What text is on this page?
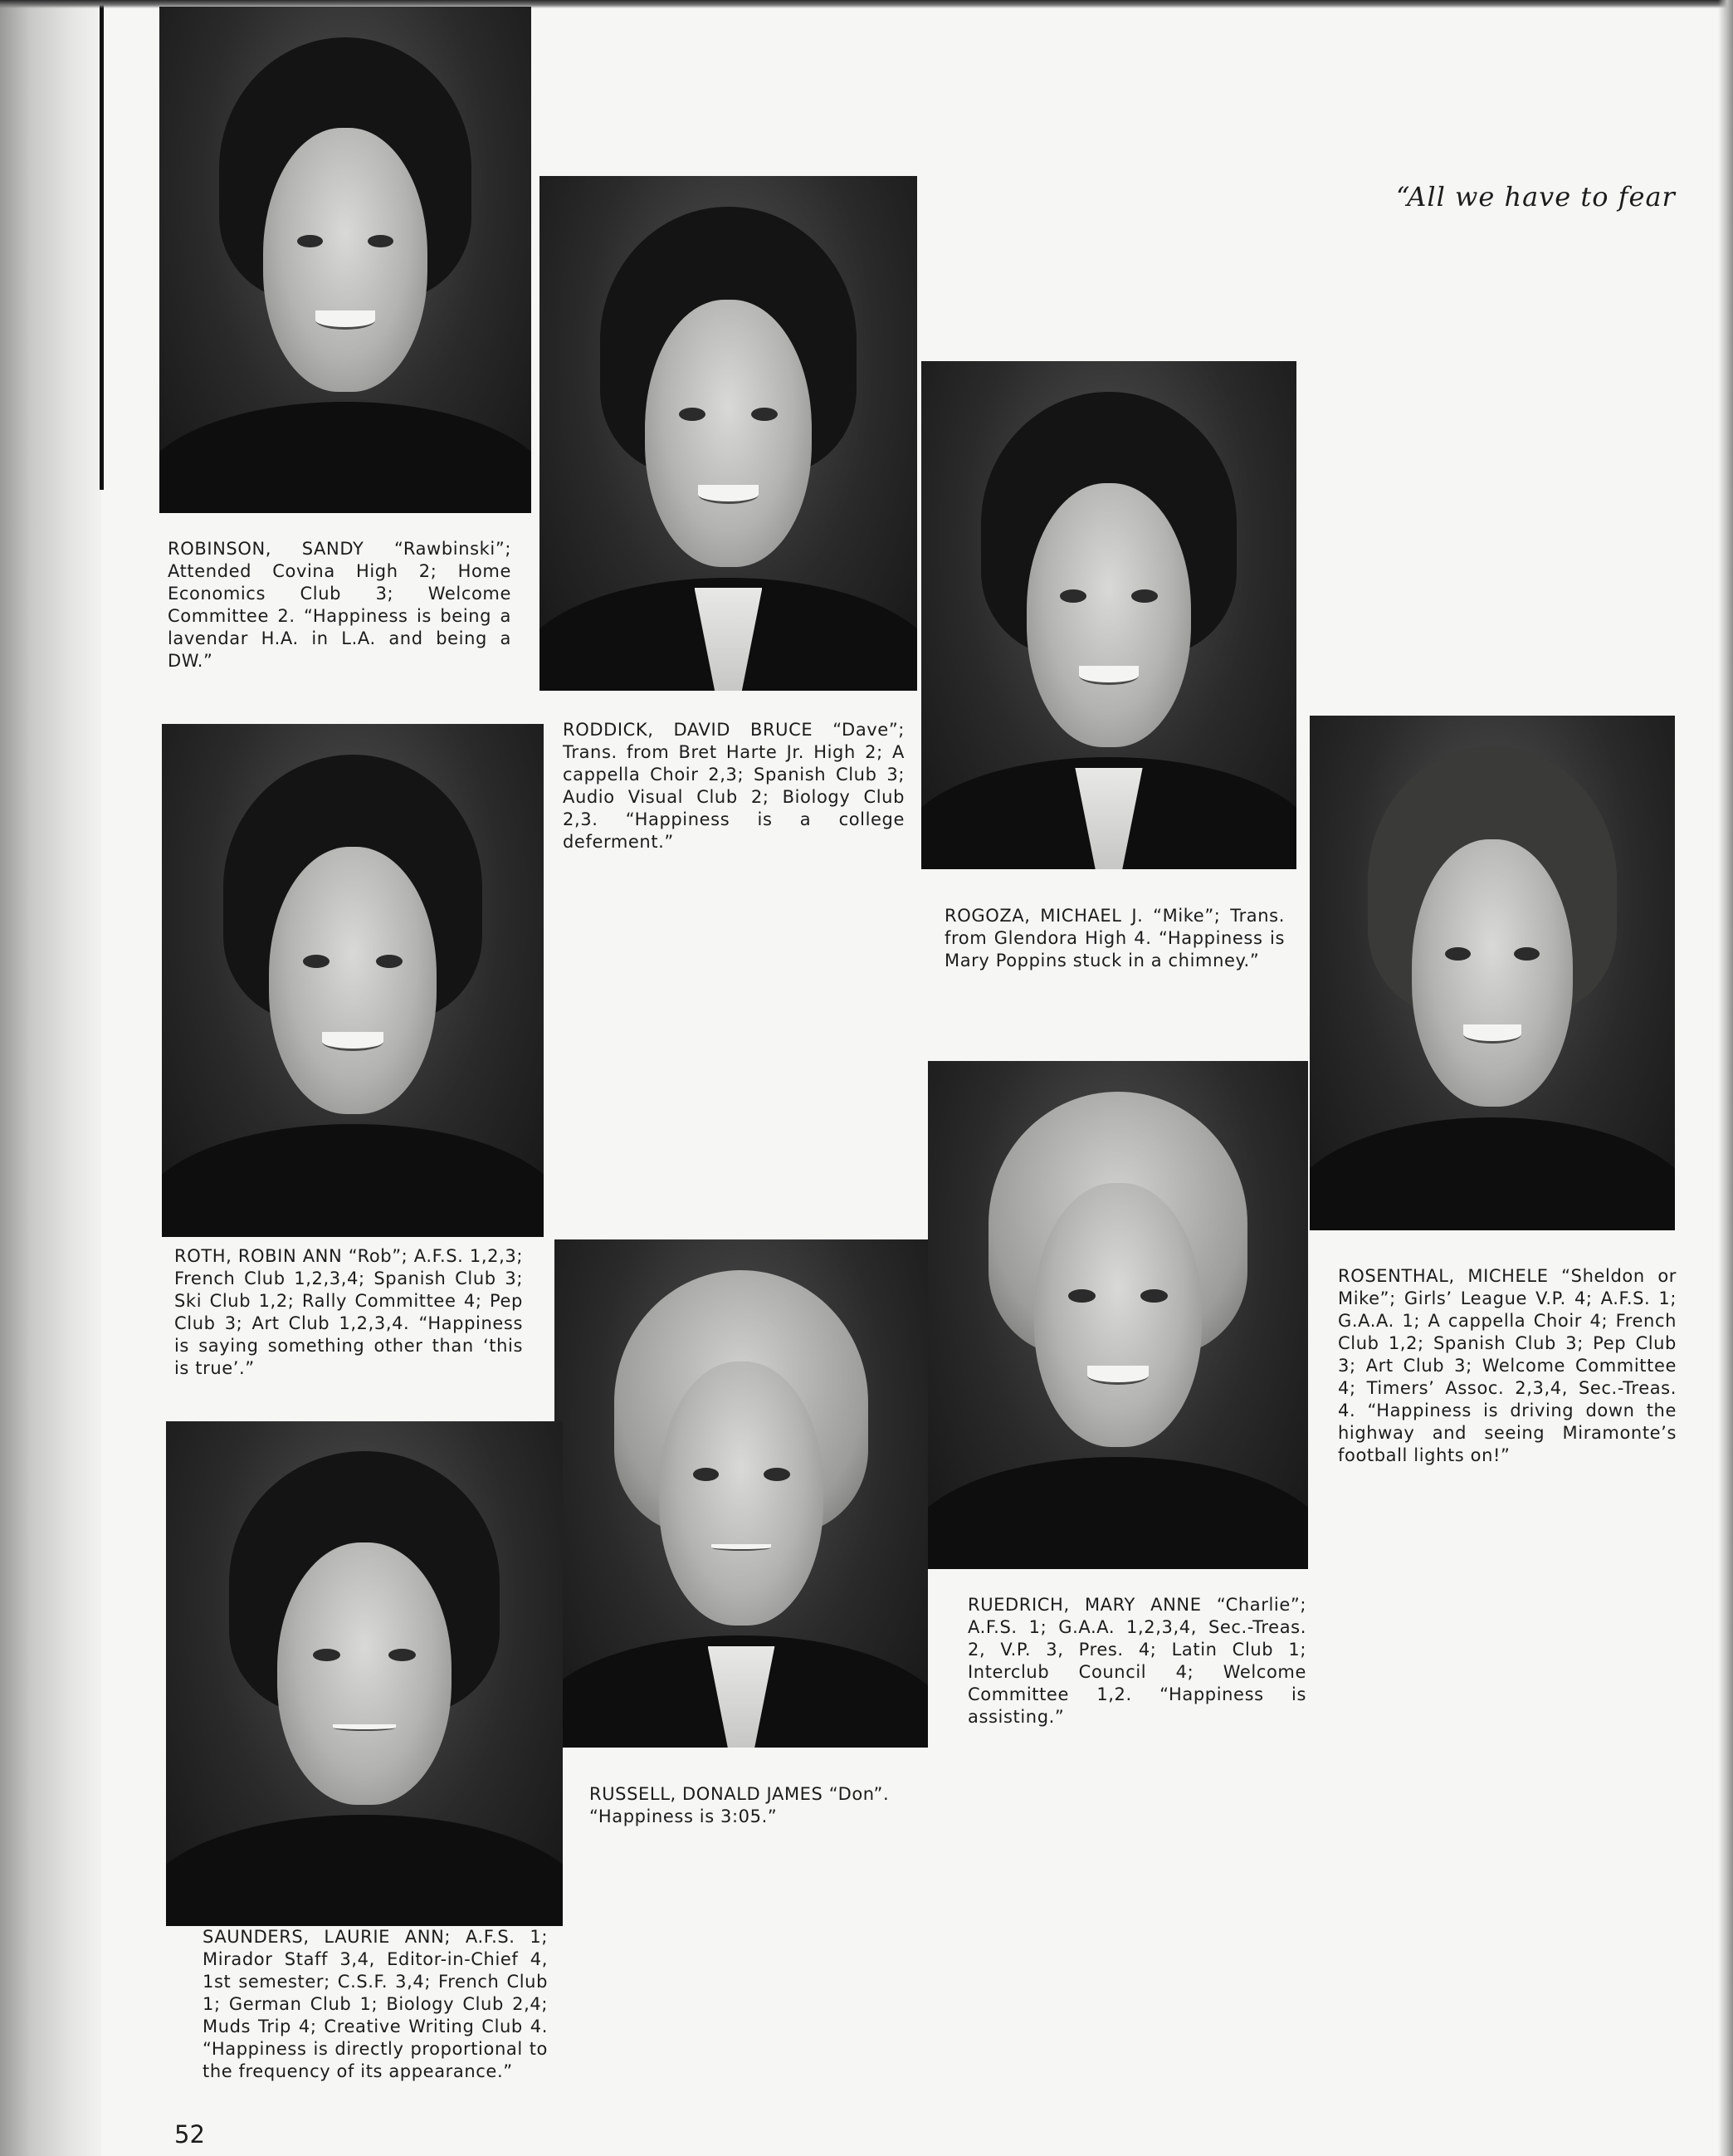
“All we have to fear

ROBINSON, SANDY “Rawbinski”; Attended Covina High 2; Home Economics Club 3; Welcome Committee 2. “Happiness is being a lavendar H.A. in L.A. and being a DW.”

RODDICK, DAVID BRUCE “Dave”; Trans. from Bret Harte Jr. High 2; A cappella Choir 2,3; Spanish Club 3; Audio Visual Club 2; Biology Club 2,3. “Happiness is a college deferment.”

ROGOZA, MICHAEL J. “Mike”; Trans. from Glendora High 4. “Happiness is Mary Poppins stuck in a chimney.”

ROSENTHAL, MICHELE “Sheldon or Mike”; Girls’ League V.P. 4; A.F.S. 1; G.A.A. 1; A cappella Choir 4; French Club 1,2; Spanish Club 3; Pep Club 3; Art Club 3; Welcome Committee 4; Timers’ Assoc. 2,3,4, Sec.-Treas. 4. “Happiness is driving down the highway and seeing Miramonte’s football lights on!”

ROTH, ROBIN ANN “Rob”; A.F.S. 1,2,3; French Club 1,2,3,4; Spanish Club 3; Ski Club 1,2; Rally Committee 4; Pep Club 3; Art Club 1,2,3,4. “Happiness is saying something other than ‘this is true’.”

RUEDRICH, MARY ANNE “Charlie”; A.F.S. 1; G.A.A. 1,2,3,4, Sec.-Treas. 2, V.P. 3, Pres. 4; Latin Club 1; Interclub Council 4; Welcome Committee 1,2. “Happiness is assisting.”

RUSSELL, DONALD JAMES “Don”. “Happiness is 3:05.”

SAUNDERS, LAURIE ANN; A.F.S. 1; Mirador Staff 3,4, Editor-in-Chief 4, 1st semester; C.S.F. 3,4; French Club 1; German Club 1; Biology Club 2,4; Muds Trip 4; Creative Writing Club 4. “Happiness is directly proportional to the frequency of its appearance.”

52
